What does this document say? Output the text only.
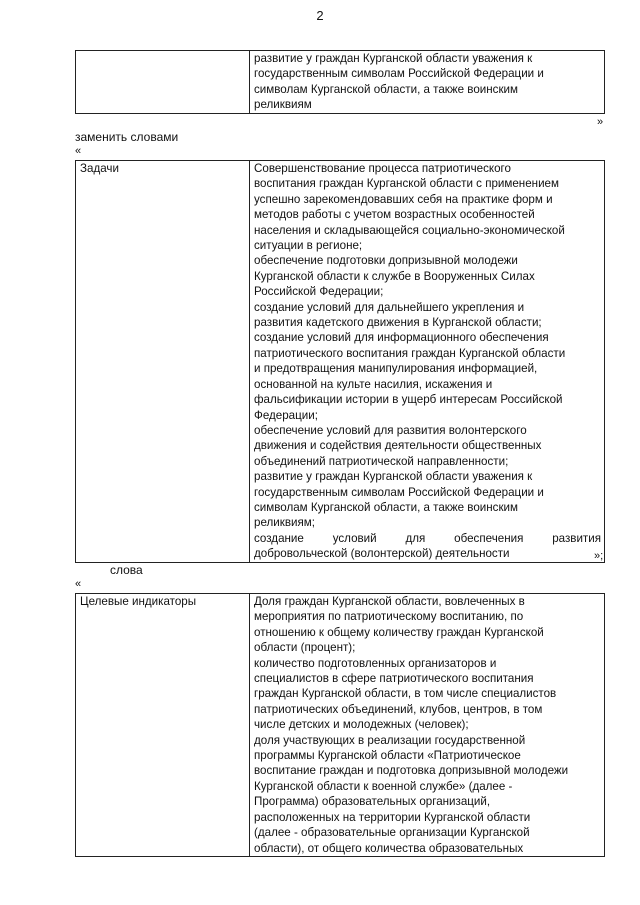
2

развитие у граждан Курганской области уважения к
государственным символам Российской Федерации и
символам Курганской области, а также воинским
реликвиям
»
заменить словами
«
Задачи	Совершенствование процесса патриотического
воспитания граждан Курганской области с применением
успешно зарекомендовавших себя на практике форм и
методов работы с учетом возрастных особенностей
населения и складывающейся социально-экономической
ситуации в регионе;
обеспечение подготовки допризывной молодежи
Курганской области к службе в Вооруженных Силах
Российской Федерации;
создание условий для дальнейшего укрепления и
развития кадетского движения в Курганской области;
создание условий для информационного обеспечения
патриотического воспитания граждан Курганской области
и предотвращения манипулирования информацией,
основанной на культе насилия, искажения и
фальсификации истории в ущерб интересам Российской
Федерации;
обеспечение условий для развития волонтерского
движения и содействия деятельности общественных
объединений патриотической направленности;
развитие у граждан Курганской области уважения к
государственным символам Российской Федерации и
символам Курганской области, а также воинским
реликвиям;
создание условий для обеспечения развития
добровольческой (волонтерской) деятельности	»;
слова
«
Целевые индикаторы	Доля граждан Курганской области, вовлеченных в
мероприятия по патриотическому воспитанию, по
отношению к общему количеству граждан Курганской
области (процент);
количество подготовленных организаторов и
специалистов в сфере патриотического воспитания
граждан Курганской области, в том числе специалистов
патриотических объединений, клубов, центров, в том
числе детских и молодежных (человек);
доля участвующих в реализации государственной
программы Курганской области «Патриотическое
воспитание граждан и подготовка допризывной молодежи
Курганской области к военной службе» (далее -
Программа) образовательных организаций,
расположенных на территории Курганской области
(далее - образовательные организации Курганской
области), от общего количества образовательных
